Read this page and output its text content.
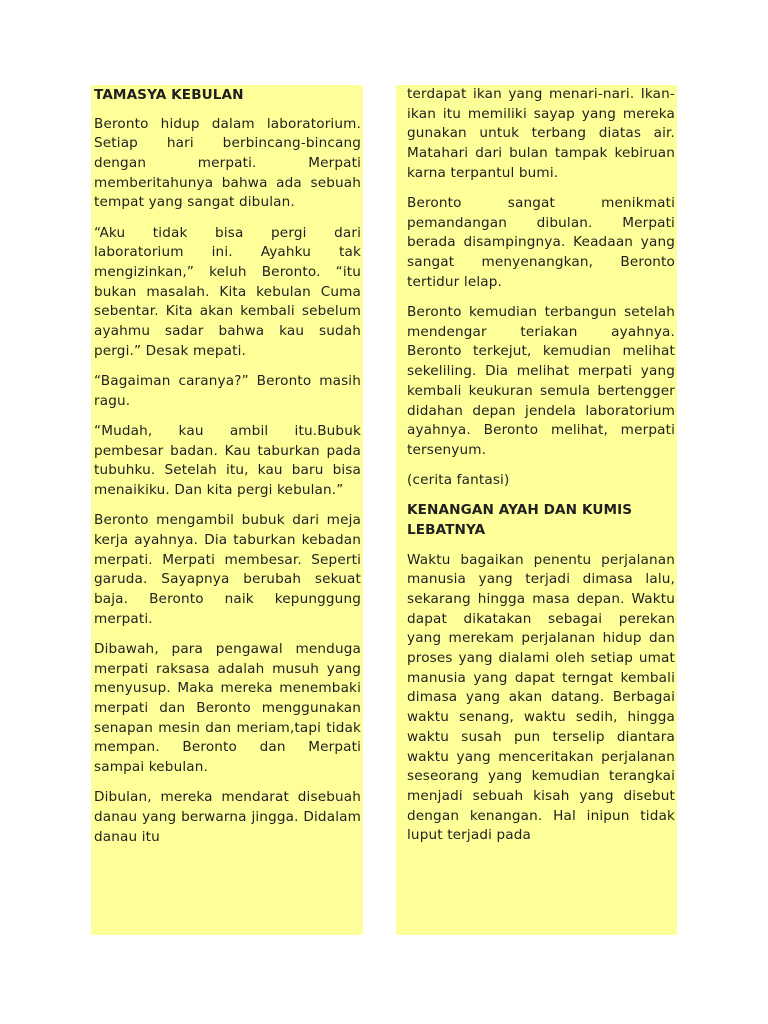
TAMASYA KEBULAN

Beronto hidup dalam laboratorium. Setiap hari berbincang-bincang dengan merpati. Merpati memberitahunya bahwa ada sebuah tempat yang sangat dibulan.

“Aku tidak bisa pergi dari laboratorium ini. Ayahku tak mengizinkan,” keluh Beronto. “itu bukan masalah. Kita kebulan Cuma sebentar. Kita akan kembali sebelum ayahmu sadar bahwa kau sudah pergi.” Desak mepati.

“Bagaiman caranya?” Beronto masih ragu.

“Mudah, kau ambil itu.Bubuk pembesar badan. Kau taburkan pada tubuhku. Setelah itu, kau baru bisa menaikiku. Dan kita pergi kebulan.”

Beronto mengambil bubuk dari meja kerja ayahnya. Dia taburkan kebadan merpati. Merpati membesar. Seperti garuda. Sayapnya berubah sekuat baja. Beronto naik kepunggung merpati.

Dibawah, para pengawal menduga merpati raksasa adalah musuh yang menyusup. Maka mereka menembaki merpati dan Beronto menggunakan senapan mesin dan meriam,tapi tidak mempan. Beronto dan Merpati sampai kebulan.

Dibulan, mereka mendarat disebuah danau yang berwarna jingga. Didalam danau itu

terdapat ikan yang menari-nari. Ikan-ikan itu memiliki sayap yang mereka gunakan untuk terbang diatas air. Matahari dari bulan tampak kebiruan karna terpantul bumi.

Beronto sangat menikmati pemandangan dibulan. Merpati berada disampingnya. Keadaan yang sangat menyenangkan, Beronto tertidur lelap.

Beronto kemudian terbangun setelah mendengar teriakan ayahnya. Beronto terkejut, kemudian melihat sekeliling. Dia melihat merpati yang kembali keukuran semula bertengger didahan depan jendela laboratorium ayahnya. Beronto melihat, merpati tersenyum.

(cerita fantasi)

KENANGAN AYAH DAN KUMIS LEBATNYA

Waktu bagaikan penentu perjalanan manusia yang terjadi dimasa lalu, sekarang hingga masa depan. Waktu dapat dikatakan sebagai perekan yang merekam perjalanan hidup dan proses yang dialami oleh setiap umat manusia yang dapat terngat kembali dimasa yang akan datang. Berbagai waktu senang, waktu sedih, hingga waktu susah pun terselip diantara waktu yang menceritakan perjalanan seseorang yang kemudian terangkai menjadi sebuah kisah yang disebut dengan kenangan. Hal inipun tidak luput terjadi pada
